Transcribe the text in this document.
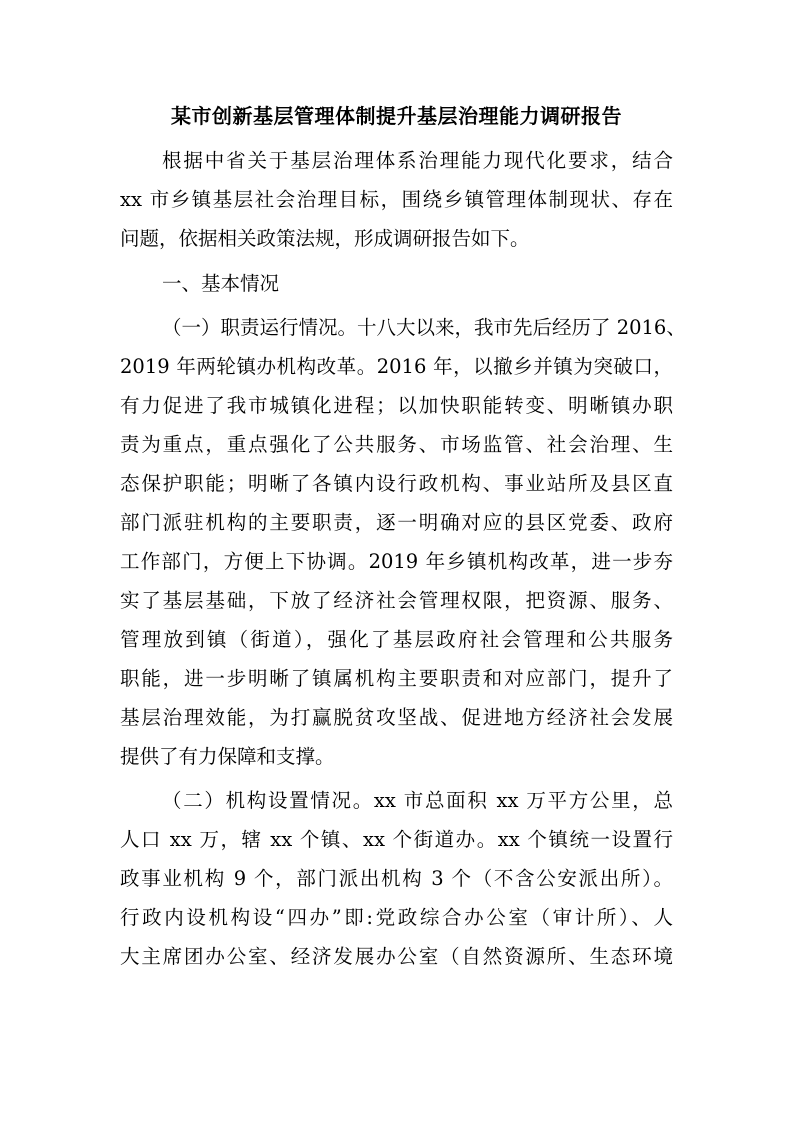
某市创新基层管理体制提升基层治理能力调研报告
根据中省关于基层治理体系治理能力现代化要求，结合
xx 市乡镇基层社会治理目标，围绕乡镇管理体制现状、存在
问题，依据相关政策法规，形成调研报告如下。
一、基本情况
（一）职责运行情况。十八大以来，我市先后经历了 2016、
2019 年两轮镇办机构改革。2016 年，以撤乡并镇为突破口，
有力促进了我市城镇化进程；以加快职能转变、明晰镇办职
责为重点，重点强化了公共服务、市场监管、社会治理、生
态保护职能；明晰了各镇内设行政机构、事业站所及县区直
部门派驻机构的主要职责，逐一明确对应的县区党委、政府
工作部门，方便上下协调。2019 年乡镇机构改革，进一步夯
实了基层基础，下放了经济社会管理权限，把资源、服务、
管理放到镇（街道），强化了基层政府社会管理和公共服务
职能，进一步明晰了镇属机构主要职责和对应部门，提升了
基层治理效能，为打赢脱贫攻坚战、促进地方经济社会发展
提供了有力保障和支撑。
（二）机构设置情况。xx 市总面积 xx 万平方公里，总
人口 xx 万，辖 xx 个镇、xx 个街道办。xx 个镇统一设置行
政事业机构 9 个，部门派出机构 3 个（不含公安派出所）。
行政内设机构设“四办”即:党政综合办公室（审计所）、人
大主席团办公室、经济发展办公室（自然资源所、生态环境
